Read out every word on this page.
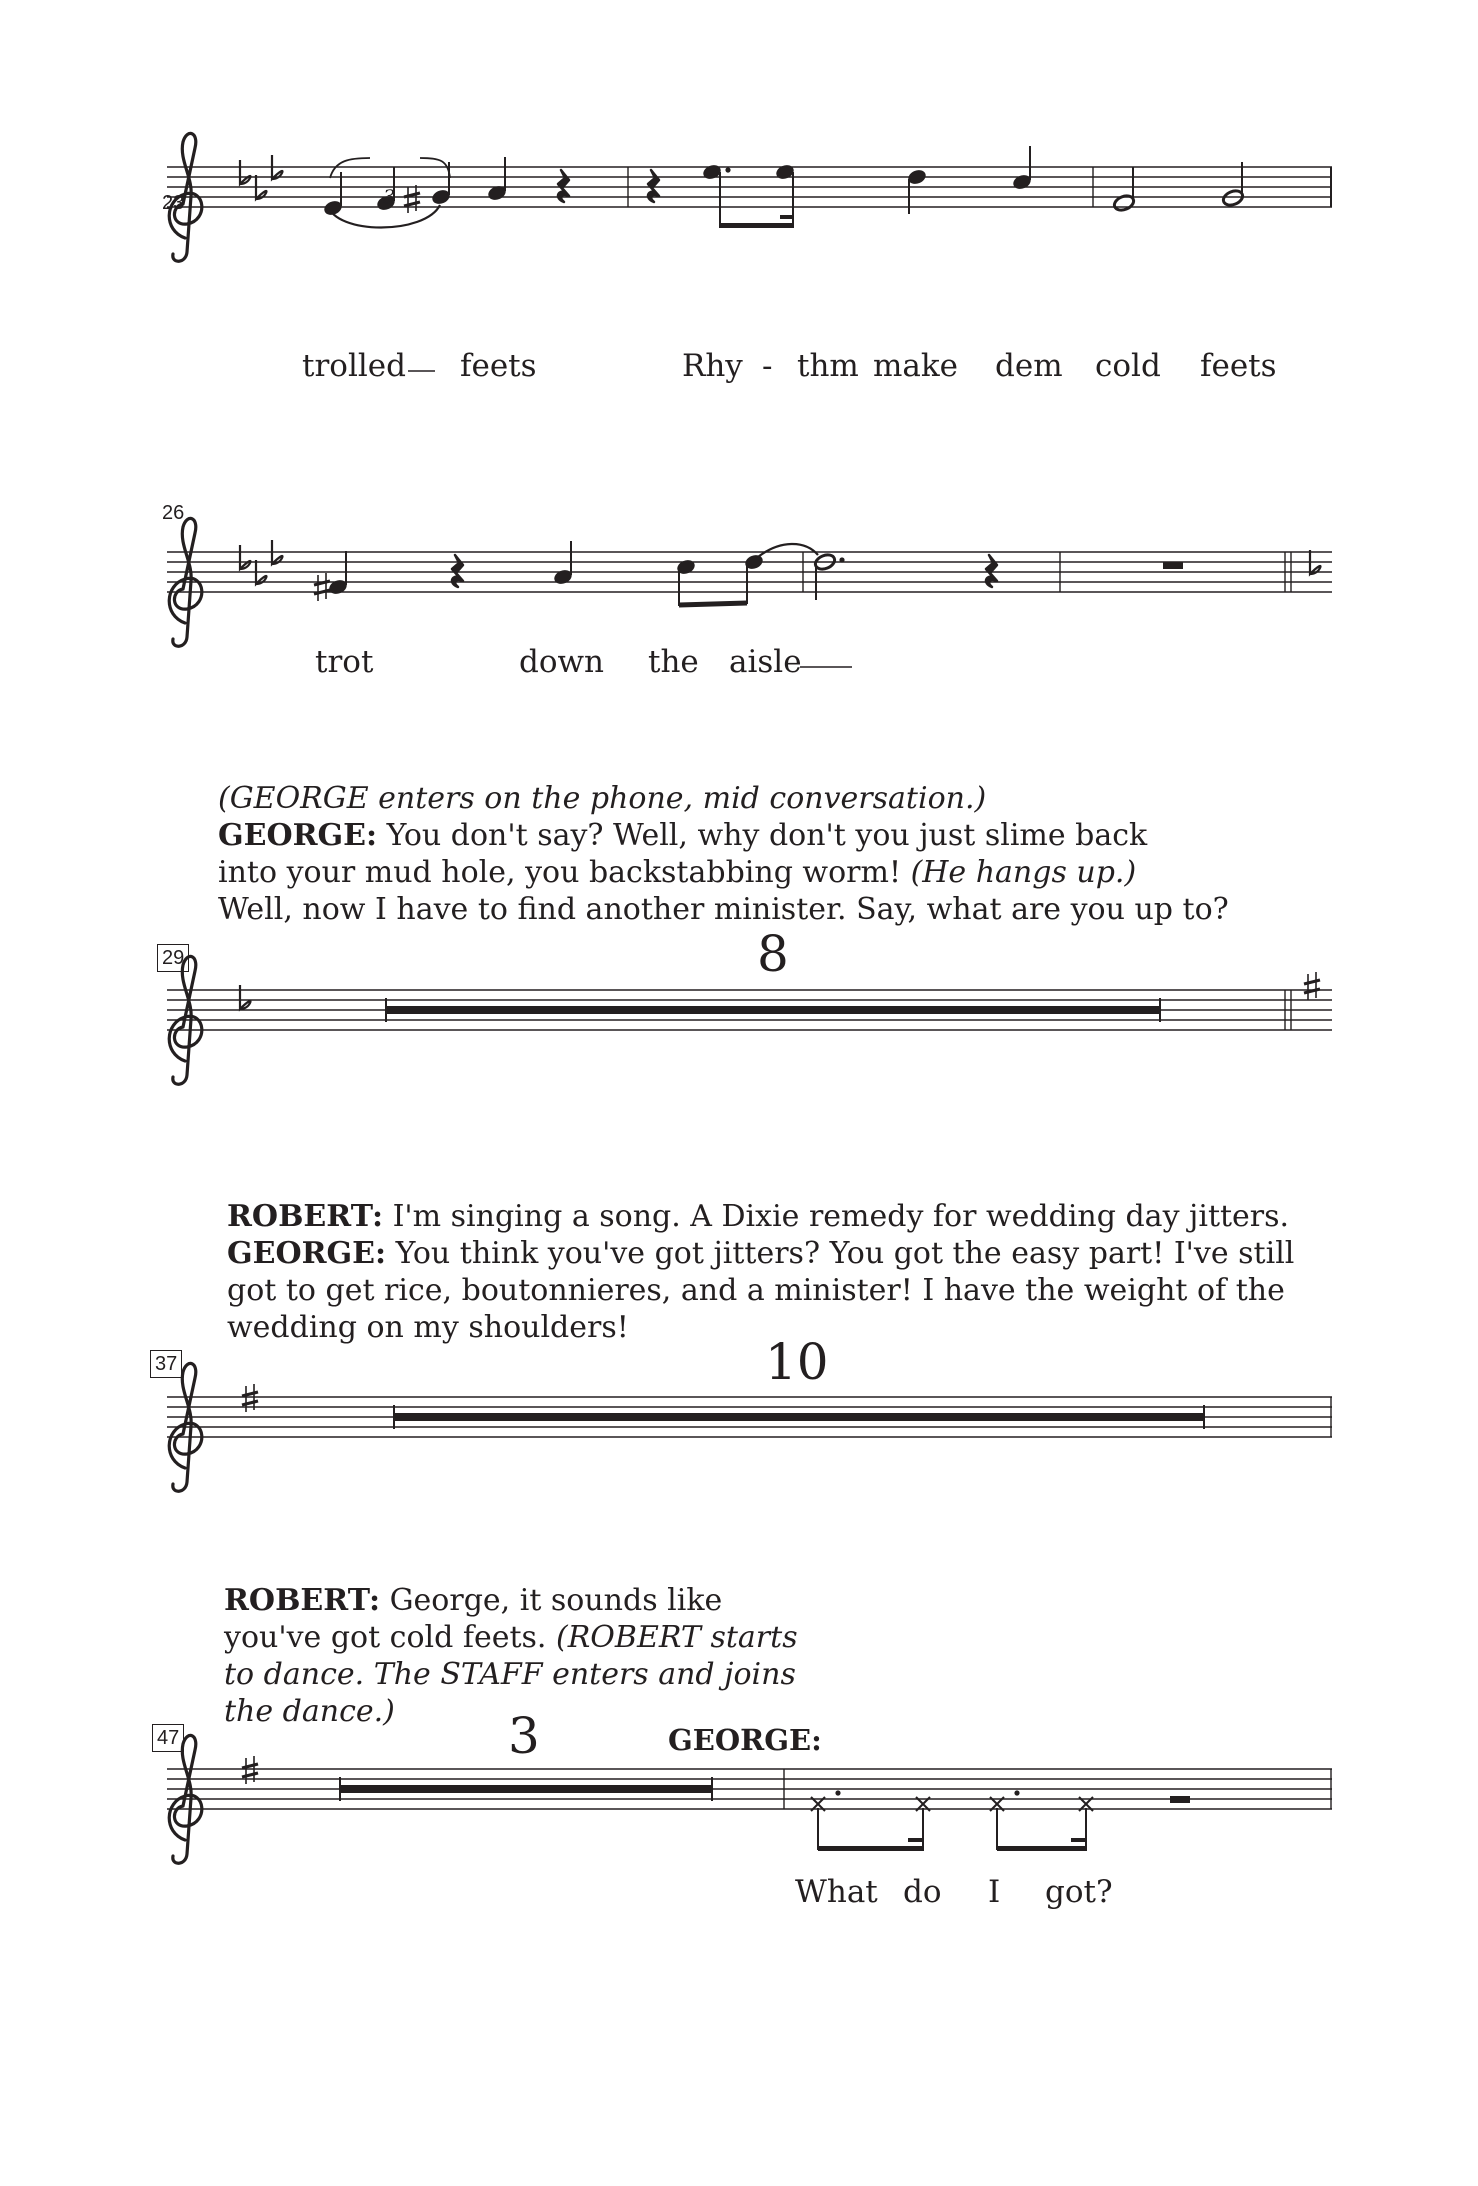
23	3
trolled feets	Rhy - thm make dem cold feets
26
trot	down the aisle
(GEORGE enters on the phone, mid conversation.)
GEORGE: You don't say? Well, why don't you just slime back
into your mud hole, you backstabbing worm! (He hangs up.)
Well, now I have to find another minister. Say, what are you up to?
29	8
ROBERT: I'm singing a song. A Dixie remedy for wedding day jitters.
GEORGE: You think you've got jitters? You got the easy part! I've still
got to get rice, boutonnieres, and a minister! I have the weight of the
wedding on my shoulders!
37	10
ROBERT: George, it sounds like
you've got cold feets. (ROBERT starts
to dance. The STAFF enters and joins
the dance.)
47	3	GEORGE:
What do I got?
